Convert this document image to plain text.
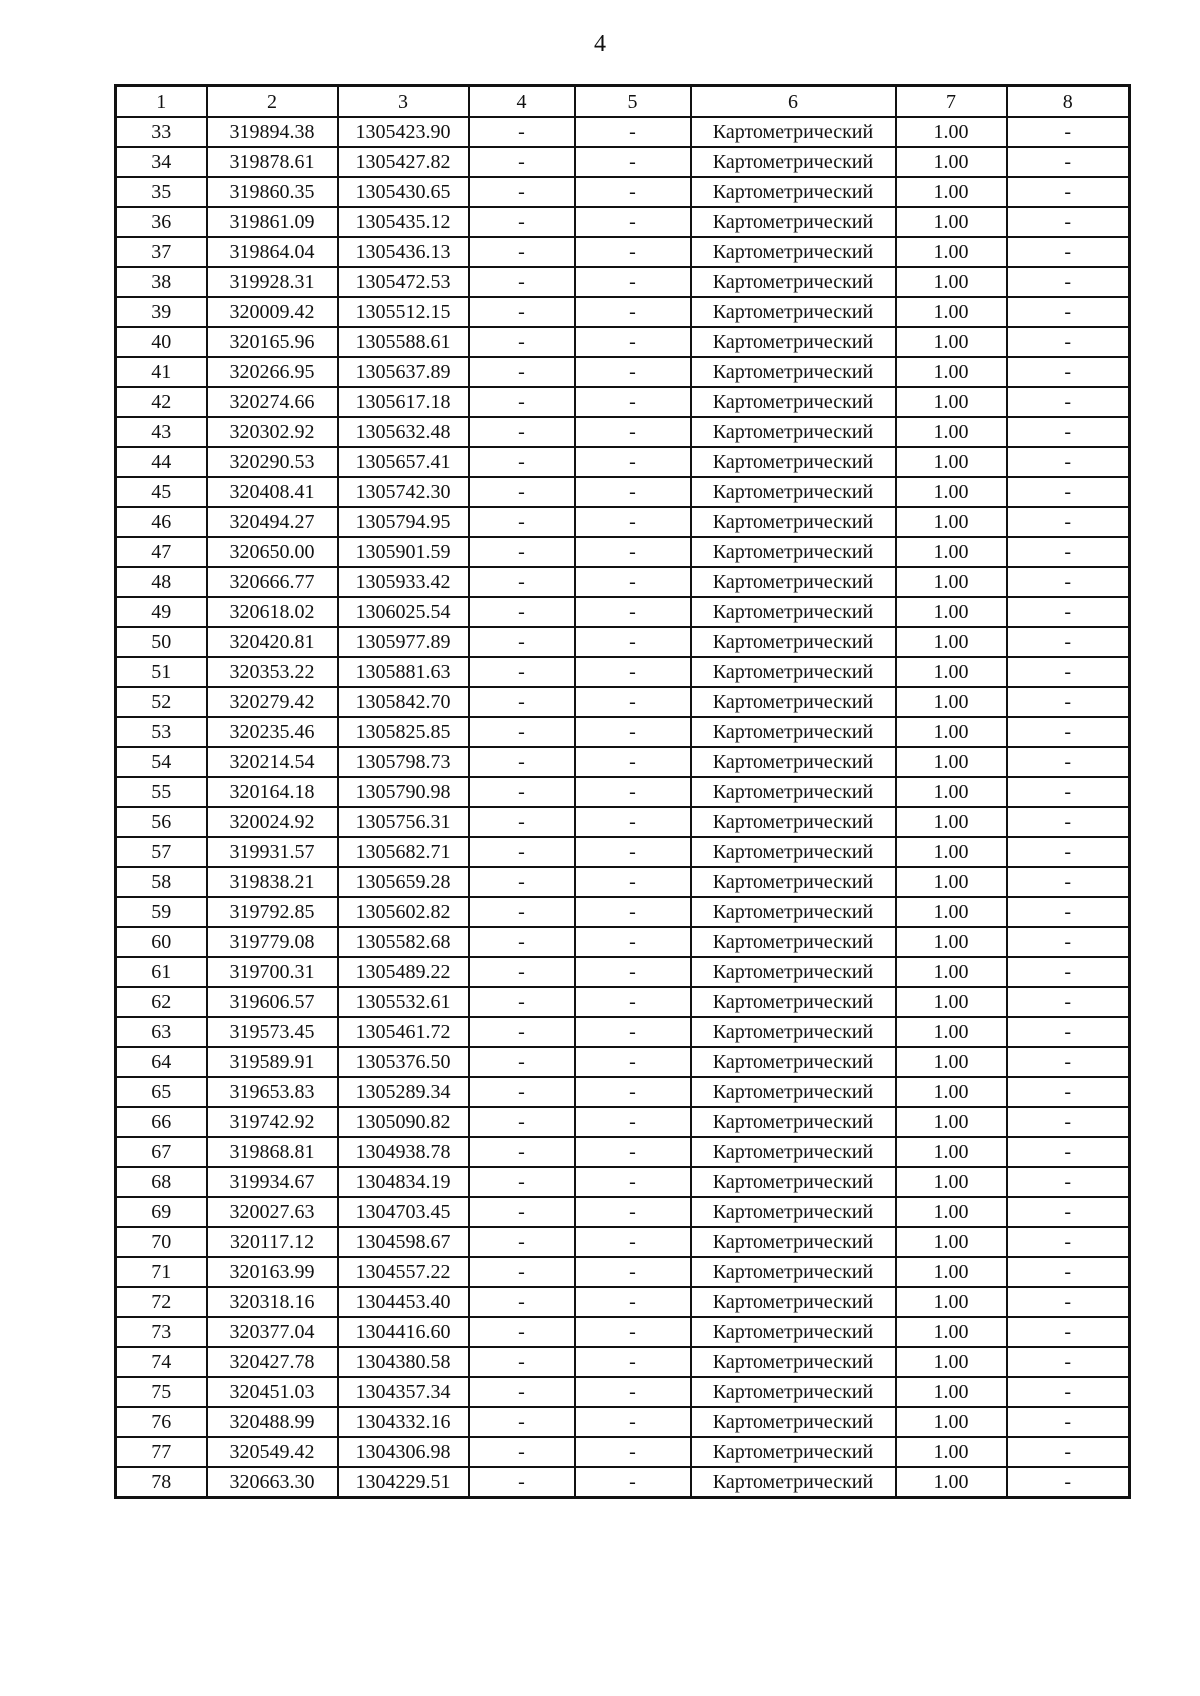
4
1	2	3	4	5	6	7	8
33	319894.38	1305423.90	-	-	Картометрический	1.00	-
34	319878.61	1305427.82	-	-	Картометрический	1.00	-
35	319860.35	1305430.65	-	-	Картометрический	1.00	-
36	319861.09	1305435.12	-	-	Картометрический	1.00	-
37	319864.04	1305436.13	-	-	Картометрический	1.00	-
38	319928.31	1305472.53	-	-	Картометрический	1.00	-
39	320009.42	1305512.15	-	-	Картометрический	1.00	-
40	320165.96	1305588.61	-	-	Картометрический	1.00	-
41	320266.95	1305637.89	-	-	Картометрический	1.00	-
42	320274.66	1305617.18	-	-	Картометрический	1.00	-
43	320302.92	1305632.48	-	-	Картометрический	1.00	-
44	320290.53	1305657.41	-	-	Картометрический	1.00	-
45	320408.41	1305742.30	-	-	Картометрический	1.00	-
46	320494.27	1305794.95	-	-	Картометрический	1.00	-
47	320650.00	1305901.59	-	-	Картометрический	1.00	-
48	320666.77	1305933.42	-	-	Картометрический	1.00	-
49	320618.02	1306025.54	-	-	Картометрический	1.00	-
50	320420.81	1305977.89	-	-	Картометрический	1.00	-
51	320353.22	1305881.63	-	-	Картометрический	1.00	-
52	320279.42	1305842.70	-	-	Картометрический	1.00	-
53	320235.46	1305825.85	-	-	Картометрический	1.00	-
54	320214.54	1305798.73	-	-	Картометрический	1.00	-
55	320164.18	1305790.98	-	-	Картометрический	1.00	-
56	320024.92	1305756.31	-	-	Картометрический	1.00	-
57	319931.57	1305682.71	-	-	Картометрический	1.00	-
58	319838.21	1305659.28	-	-	Картометрический	1.00	-
59	319792.85	1305602.82	-	-	Картометрический	1.00	-
60	319779.08	1305582.68	-	-	Картометрический	1.00	-
61	319700.31	1305489.22	-	-	Картометрический	1.00	-
62	319606.57	1305532.61	-	-	Картометрический	1.00	-
63	319573.45	1305461.72	-	-	Картометрический	1.00	-
64	319589.91	1305376.50	-	-	Картометрический	1.00	-
65	319653.83	1305289.34	-	-	Картометрический	1.00	-
66	319742.92	1305090.82	-	-	Картометрический	1.00	-
67	319868.81	1304938.78	-	-	Картометрический	1.00	-
68	319934.67	1304834.19	-	-	Картометрический	1.00	-
69	320027.63	1304703.45	-	-	Картометрический	1.00	-
70	320117.12	1304598.67	-	-	Картометрический	1.00	-
71	320163.99	1304557.22	-	-	Картометрический	1.00	-
72	320318.16	1304453.40	-	-	Картометрический	1.00	-
73	320377.04	1304416.60	-	-	Картометрический	1.00	-
74	320427.78	1304380.58	-	-	Картометрический	1.00	-
75	320451.03	1304357.34	-	-	Картометрический	1.00	-
76	320488.99	1304332.16	-	-	Картометрический	1.00	-
77	320549.42	1304306.98	-	-	Картометрический	1.00	-
78	320663.30	1304229.51	-	-	Картометрический	1.00	-
